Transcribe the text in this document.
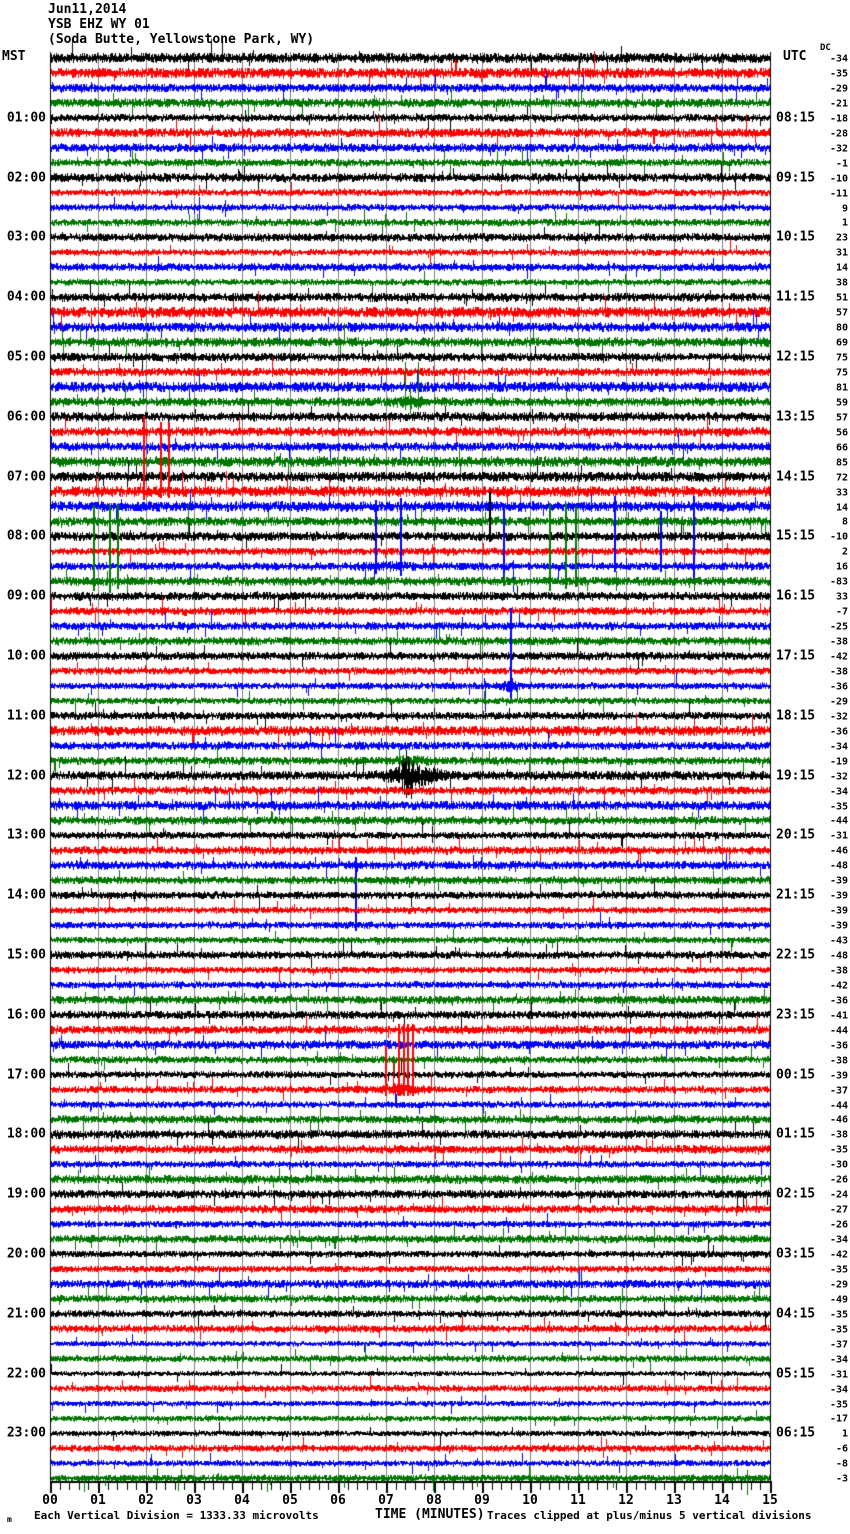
Jun11,2014
YSB EHZ WY 01
(Soda Butte, Yellowstone Park, WY)
MST	UTC
DC
01:00
02:00
03:00
04:00
05:00
06:00
07:00
08:00
09:00
10:00
11:00
12:00
13:00
14:00
15:00
16:00
17:00
18:00
19:00
20:00
21:00
22:00
23:00
08:15
09:15
10:15
11:15
12:15
13:15
14:15
15:15
16:15
17:15
18:15
19:15
20:15
21:15
22:15
23:15
00:15
01:15
02:15
03:15
04:15
05:15
06:15
-34
-35
-29
-21
-18
-28
-32
-1
-10
-11
9
1
23
31
14
38
51
57
80
69
75
75
81
59
57
56
66
85
72
33
14
8
-10
2
16
-83
33
-7
-25
-38
-42
-38
-36
-29
-32
-36
-34
-19
-32
-34
-35
-44
-31
-46
-48
-39
-39
-39
-39
-43
-48
-38
-42
-36
-41
-44
-36
-38
-39
-37
-44
-46
-38
-35
-30
-26
-24
-27
-26
-34
-42
-35
-29
-49
-35
-35
-37
-34
-31
-34
-35
-17
1
-6
-8
-3
00 01 02 03 04 05 06 07 08 09 10 11 12 13 14 15
m Each Vertical Division = 1333.33 microvolts	TIME (MINUTES) Traces clipped at plus/minus 5 vertical divisions
